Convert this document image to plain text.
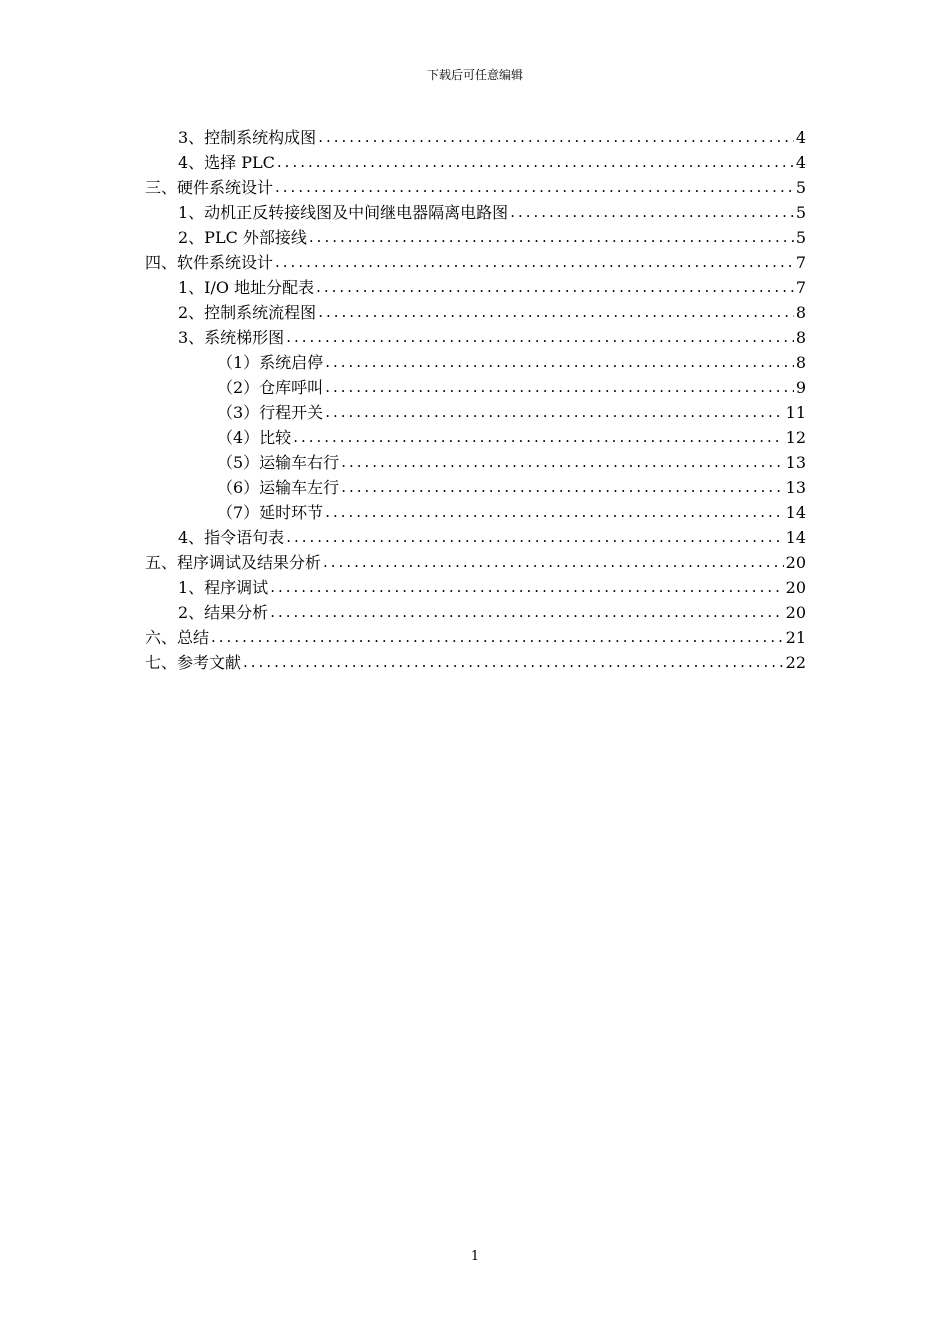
下载后可任意编辑
3、控制系统构成图 .....	4
4、选择 PLC .....	4
三、硬件系统设计 .....	5
1、动机正反转接线图及中间继电器隔离电路图 .....	5
2、PLC 外部接线 .....	5
四、软件系统设计 .....	7
1、I/O 地址分配表 .....	7
2、控制系统流程图 .....	8
3、系统梯形图 .....	8
（1）系统启停 .....	8
（2）仓库呼叫 .....	9
（3）行程开关 .....	11
（4）比较 .....	12
（5）运输车右行 .....	13
（6）运输车左行 .....	13
（7）延时环节 .....	14
4、指令语句表 .....	14
五、程序调试及结果分析 .....	20
1、程序调试 .....	20
2、结果分析 .....	20
六、总结 .....	21
七、参考文献 .....	22
1
